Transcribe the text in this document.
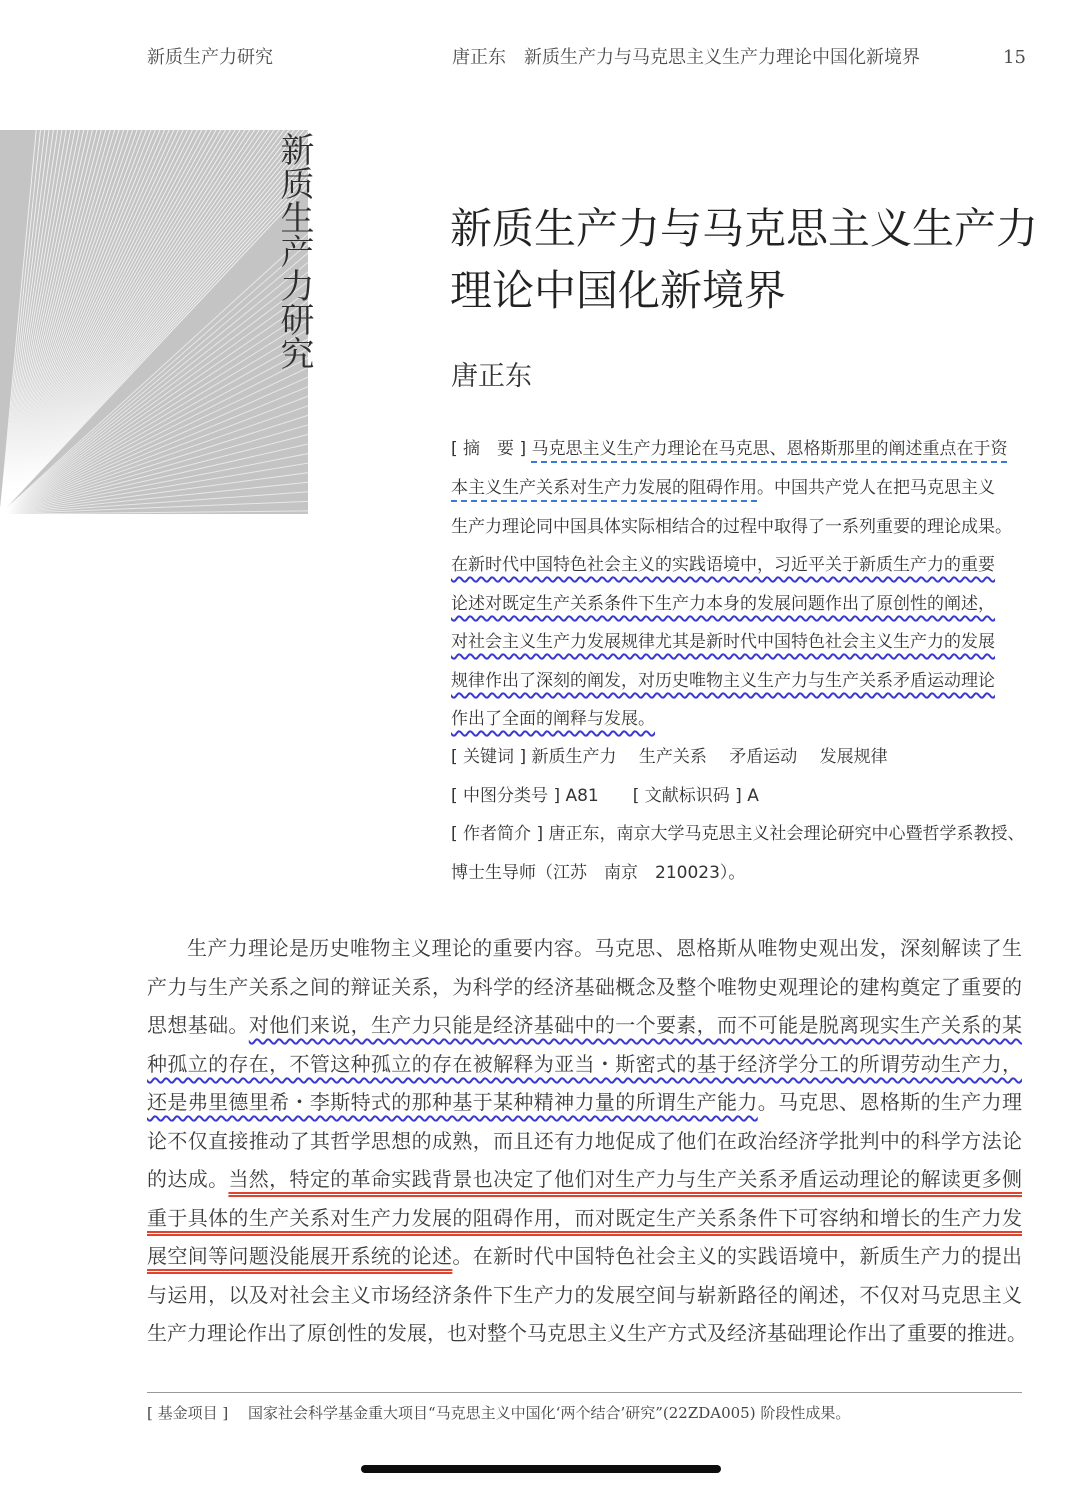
新质生产力研究	唐正东　新质生产力与马克思主义生产力理论中国化新境界	15
新质生产力研究	新质生产力与马克思主义生产力
理论中国化新境界
唐正东
[ 摘　要 ] 马克思主义生产力理论在马克思、恩格斯那里的阐述重点在于资
本主义生产关系对生产力发展的阻碍作用。中国共产党人在把马克思主义
生产力理论同中国具体实际相结合的过程中取得了一系列重要的理论成果。
在新时代中国特色社会主义的实践语境中，习近平关于新质生产力的重要
论述对既定生产关系条件下生产力本身的发展问题作出了原创性的阐述，
对社会主义生产力发展规律尤其是新时代中国特色社会主义生产力的发展
规律作出了深刻的阐发，对历史唯物主义生产力与生产关系矛盾运动理论
作出了全面的阐释与发展。
[ 关键词 ] 新质生产力　 生产关系　 矛盾运动　 发展规律
[ 中图分类号 ] A81　　[ 文献标识码 ] A
[ 作者简介 ] 唐正东，南京大学马克思主义社会理论研究中心暨哲学系教授、
博士生导师（江苏　南京　210023）。
生产力理论是历史唯物主义理论的重要内容。马克思、恩格斯从唯物史观出发，深刻解读了生
产力与生产关系之间的辩证关系，为科学的经济基础概念及整个唯物史观理论的建构奠定了重要的
思想基础。对他们来说，生产力只能是经济基础中的一个要素，而不可能是脱离现实生产关系的某
种孤立的存在，不管这种孤立的存在被解释为亚当・斯密式的基于经济学分工的所谓劳动生产力，
还是弗里德里希・李斯特式的那种基于某种精神力量的所谓生产能力。马克思、恩格斯的生产力理
论不仅直接推动了其哲学思想的成熟，而且还有力地促成了他们在政治经济学批判中的科学方法论
的达成。当然，特定的革命实践背景也决定了他们对生产力与生产关系矛盾运动理论的解读更多侧
重于具体的生产关系对生产力发展的阻碍作用，而对既定生产关系条件下可容纳和增长的生产力发
展空间等问题没能展开系统的论述。在新时代中国特色社会主义的实践语境中，新质生产力的提出
与运用，以及对社会主义市场经济条件下生产力的发展空间与崭新路径的阐述，不仅对马克思主义
生产力理论作出了原创性的发展，也对整个马克思主义生产方式及经济基础理论作出了重要的推进。
[ 基金项目 ] 国家社会科学基金重大项目“马克思主义中国化‘两个结合’研究”(22ZDA005) 阶段性成果。
